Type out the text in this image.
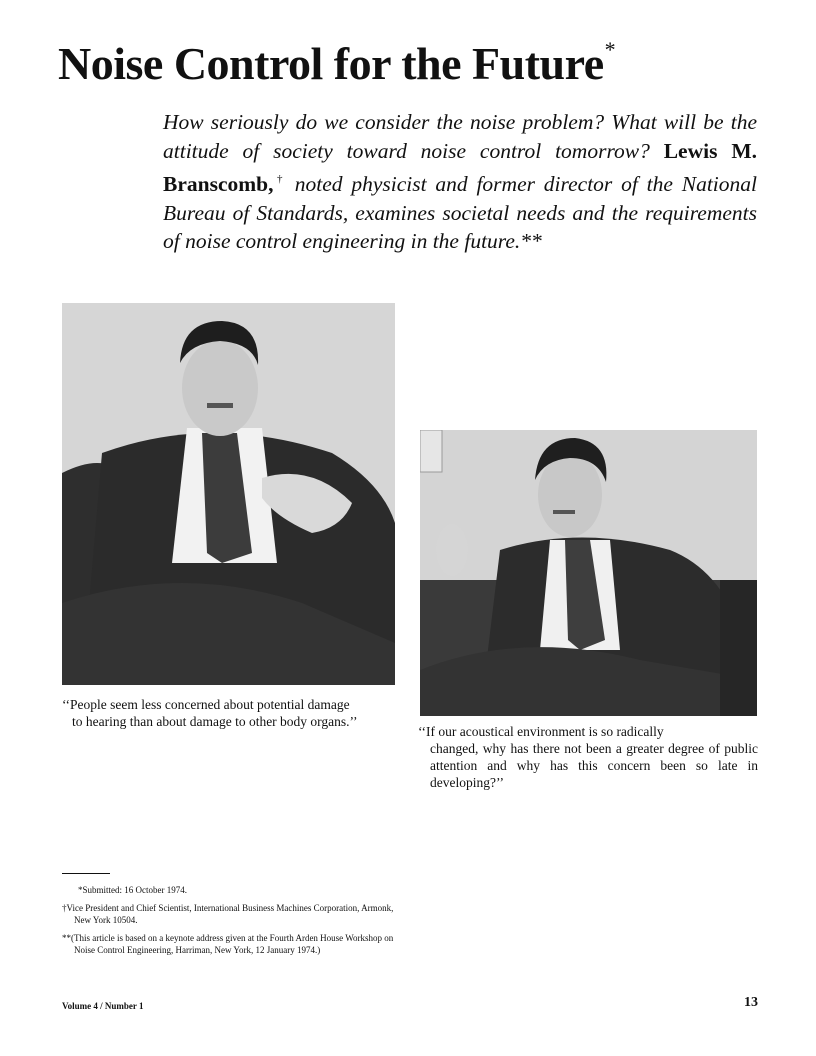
Noise Control for the Future*

How seriously do we consider the noise problem? What will be the attitude of society toward noise control tomorrow? Lewis M. Branscomb,† noted physicist and former director of the National Bureau of Standards, examines societal needs and the requirements of noise control engineering in the future.**

‘‘People seem less concerned about potential damage
to hearing than about damage to other body organs.’’

‘‘If our acoustical environment is so radically
changed, why has there not been a greater degree of public attention and why has this concern been so late in developing?’’

*Submitted: 16 October 1974.

†Vice President and Chief Scientist, International Business Machines Corporation, Armonk, New York 10504.

**(This article is based on a keynote address given at the Fourth Arden House Workshop on Noise Control Engineering, Harriman, New York, 12 January 1974.)

Volume 4 / Number 1	13
